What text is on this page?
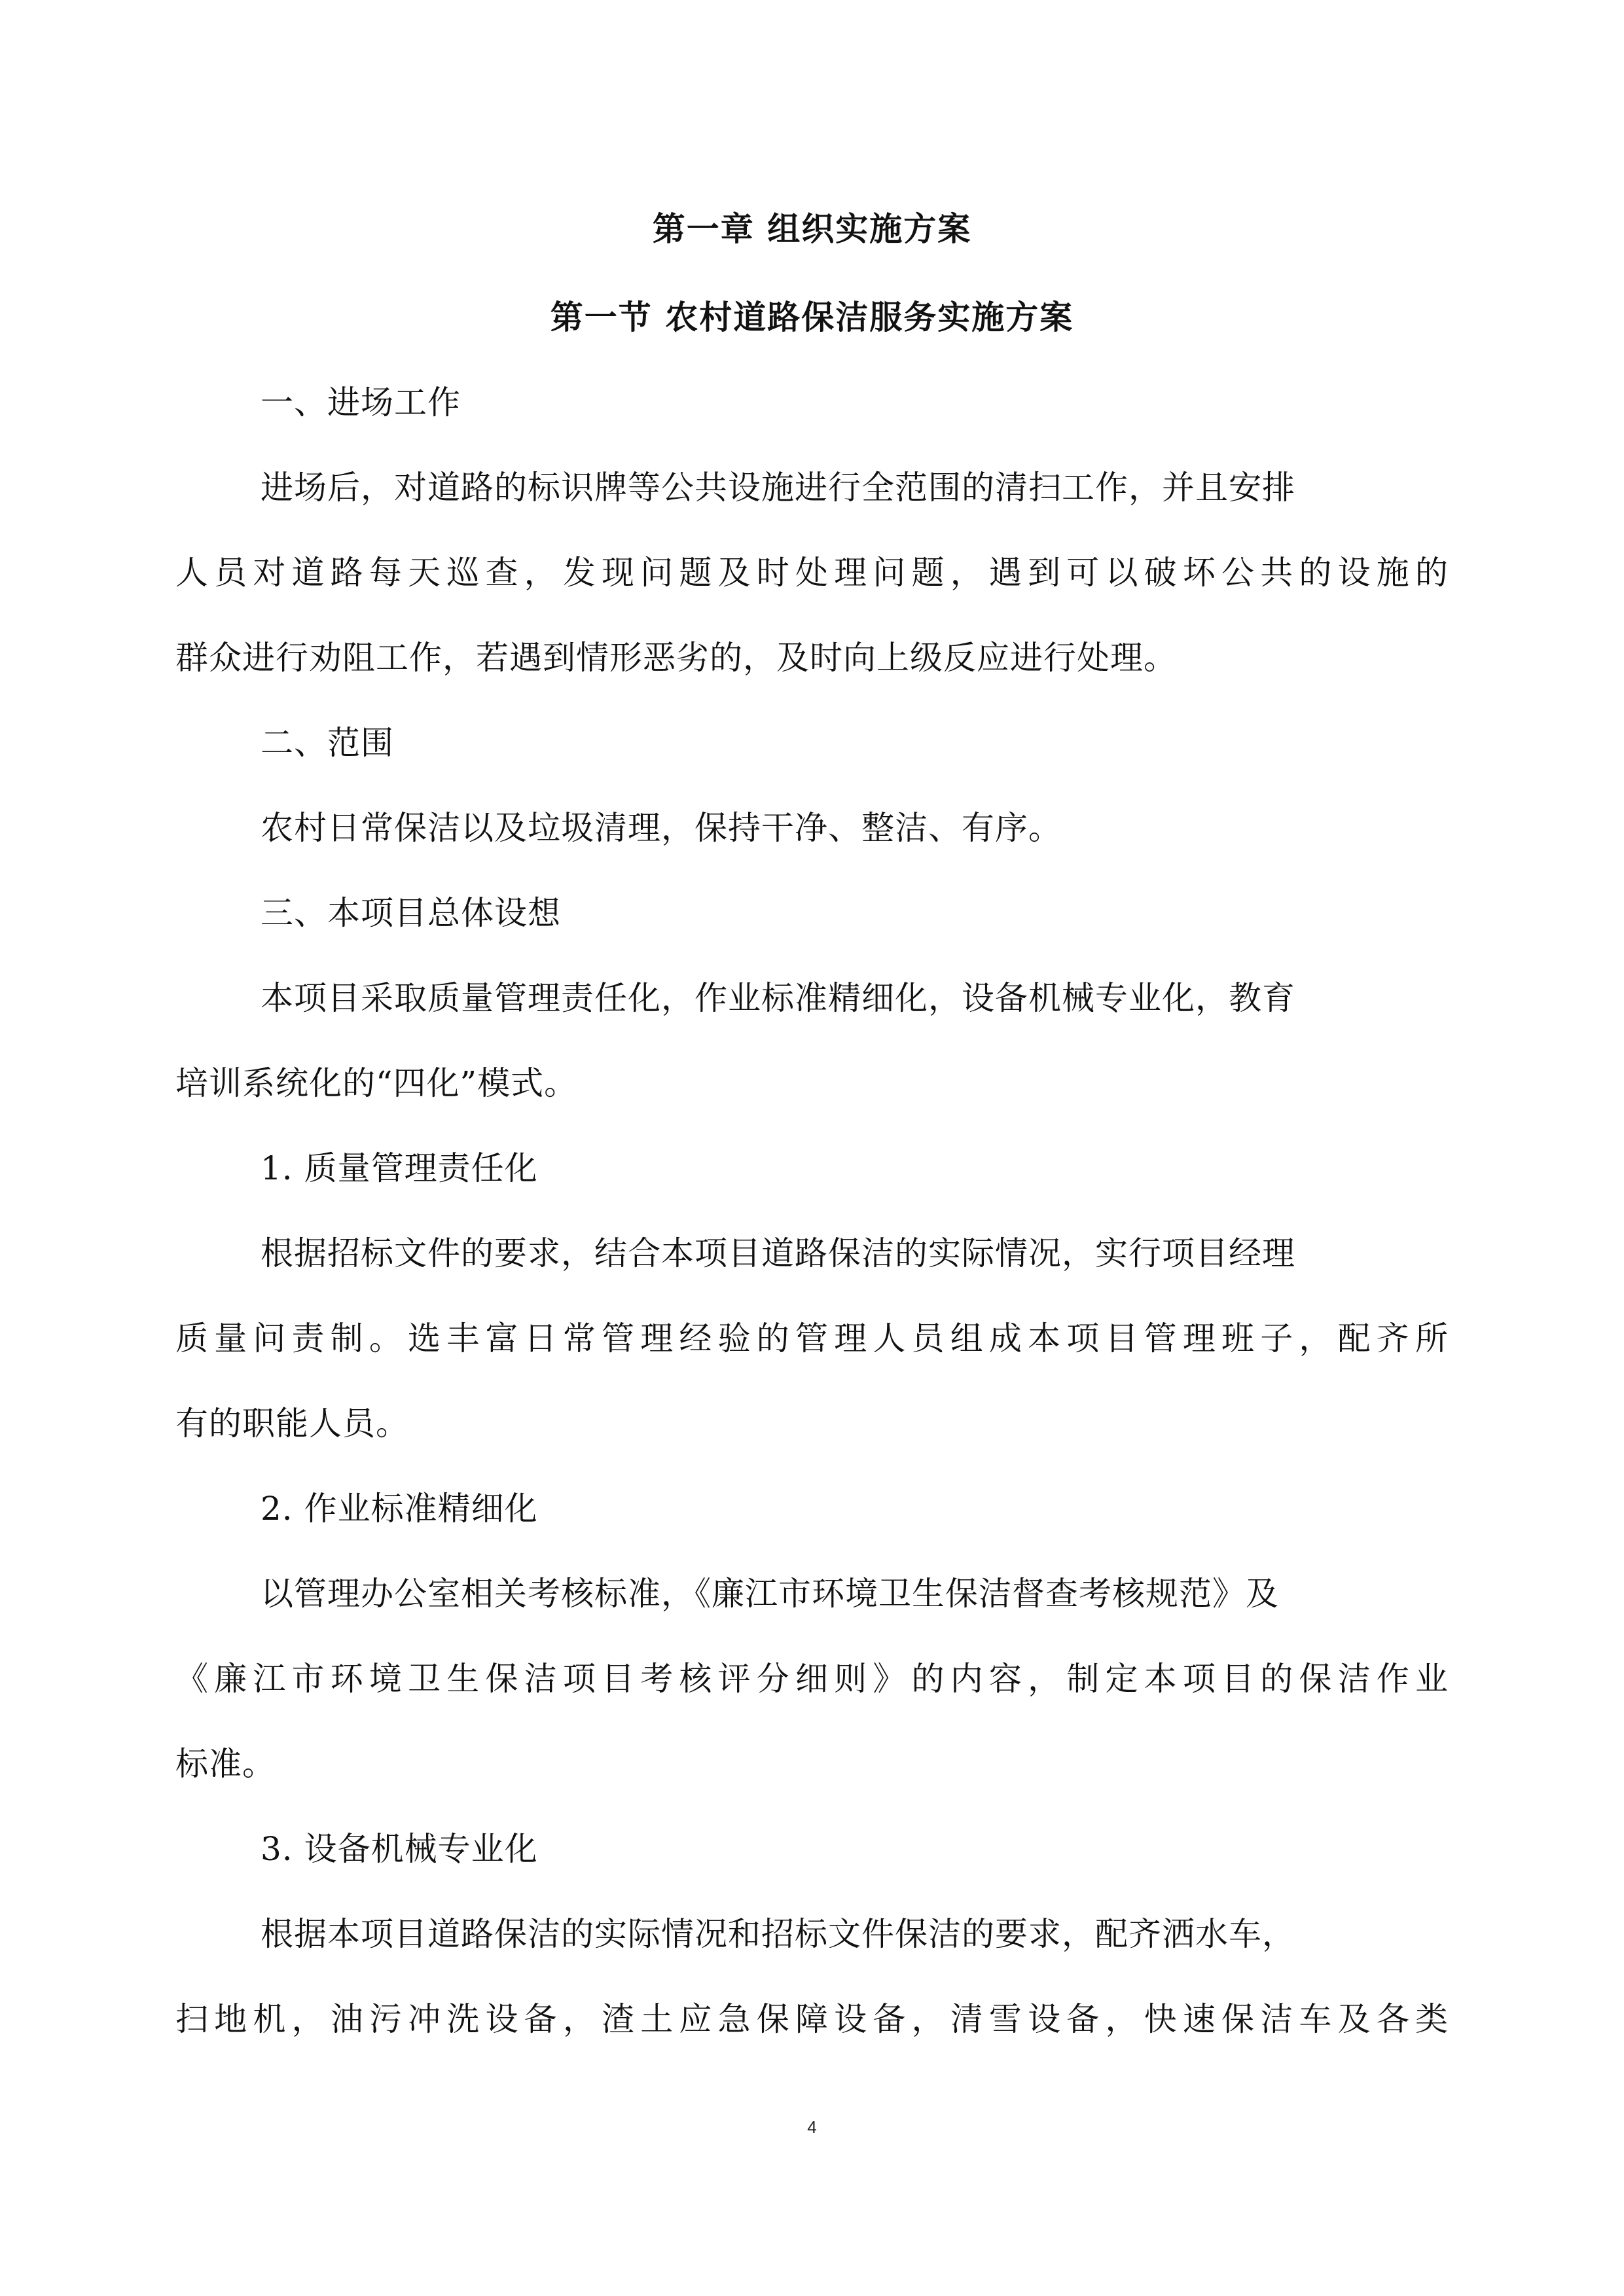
第一章 组织实施方案
第一节 农村道路保洁服务实施方案
一、进场工作
进场后，对道路的标识牌等公共设施进行全范围的清扫工作，并且安排
人员对道路每天巡查，发现问题及时处理问题，遇到可以破坏公共的设施的
群众进行劝阻工作，若遇到情形恶劣的，及时向上级反应进行处理。
二、范围
农村日常保洁以及垃圾清理，保持干净、整洁、有序。
三、本项目总体设想
本项目采取质量管理责任化，作业标准精细化，设备机械专业化，教育
培训系统化的“四化”模式。
1. 质量管理责任化
根据招标文件的要求，结合本项目道路保洁的实际情况，实行项目经理
质量问责制。选丰富日常管理经验的管理人员组成本项目管理班子，配齐所
有的职能人员。
2. 作业标准精细化
以管理办公室相关考核标准，《廉江市环境卫生保洁督查考核规范》及
《廉江市环境卫生保洁项目考核评分细则》的内容，制定本项目的保洁作业
标准。
3. 设备机械专业化
根据本项目道路保洁的实际情况和招标文件保洁的要求，配齐洒水车，
扫地机，油污冲洗设备，渣土应急保障设备，清雪设备，快速保洁车及各类
4
